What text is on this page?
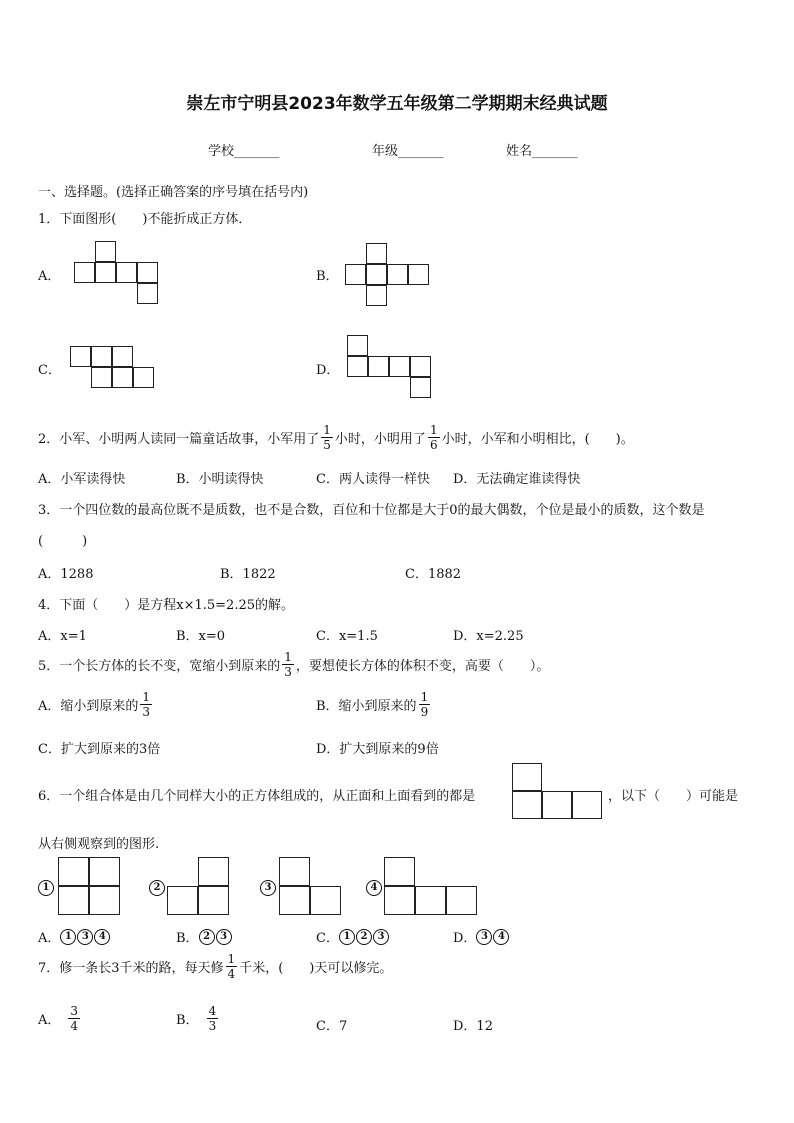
崇左市宁明县2023年数学五年级第二学期期末经典试题
学校_______	年级_______	姓名_______
一、选择题。(选择正确答案的序号填在括号内)
1．下面图形(　　)不能折成正方体．
A．	B．
C．	D．
2．小军、小明两人读同一篇童话故事，小军用了 $\frac{1}{5}$ 小时，小明用了 $\frac{1}{6}$ 小时，小军和小明相比，(　　)。
A．小军读得快	B．小明读得快	C．两人读得一样快 D．无法确定谁读得快
3．一个四位数的最高位既不是质数，也不是合数，百位和十位都是大于0的最大偶数，个位是最小的质数，这个数是
(　　　)
A．1288	B．1822	C．1882
4．下面（　　）是方程x×1.5=2.25的解。
A．x=1	B．x=0	C．x=1.5	D．x=2.25
5．一个长方体的长不变，宽缩小到原来的 $\frac{1}{3}$ ，要想使长方体的体积不变，高要（　　）。
A．缩小到原来的 $\frac{1}{3}$	B．缩小到原来的 $\frac{1}{9}$
C．扩大到原来的3倍	D．扩大到原来的9倍
6．一个组合体是由几个同样大小的正方体组成的，从正面和上面看到的都是	，以下（　　）可能是
从右侧观察到的图形.
1	2	3	4
A． 1	3	4	B． 2	3	C． 1	2	3	D． 3	4
7．修一条长3千米的路，每天修 $\frac{1}{4}$ 千米，(　　)天可以修完。
A． $\frac{3}{4}$	B． $\frac{4}{3}$	C．7	D．12
